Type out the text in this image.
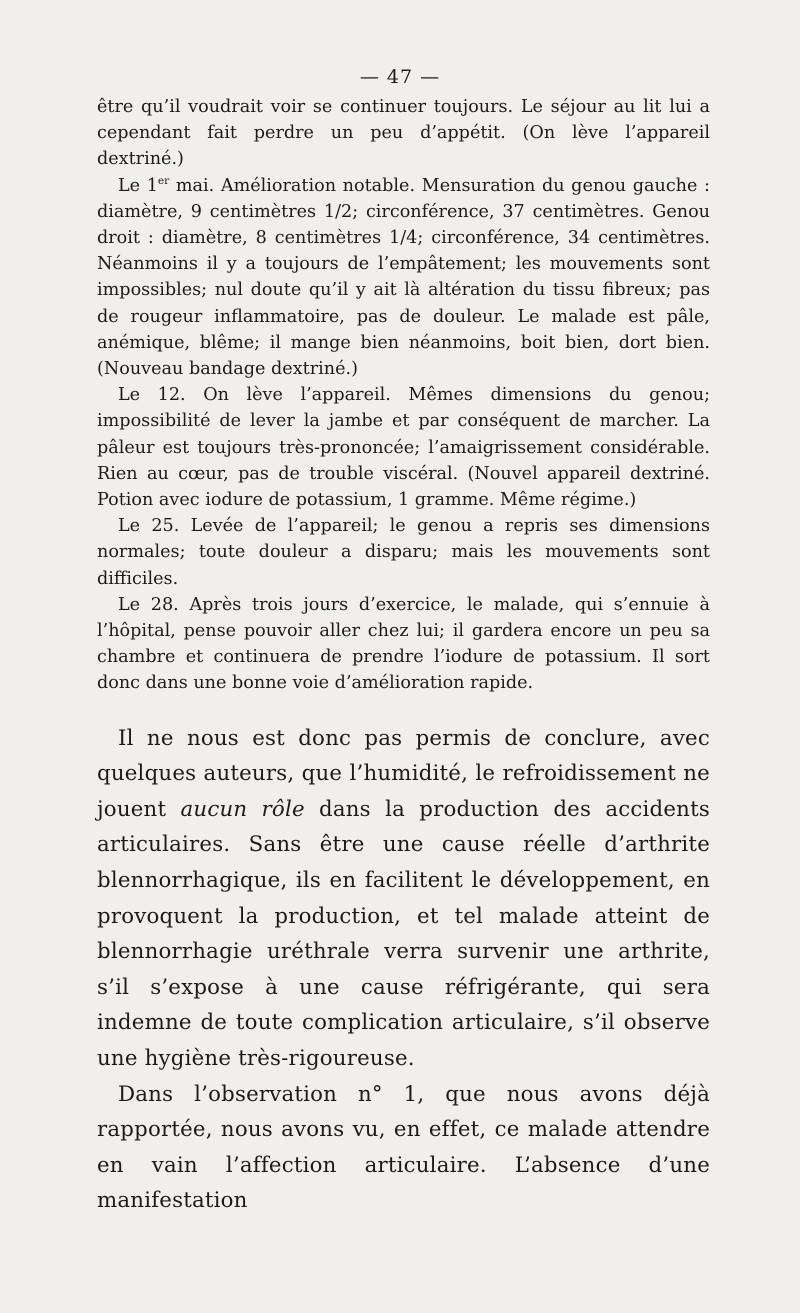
— 47 —

être qu’il voudrait voir se continuer toujours. Le séjour au lit lui a cependant fait perdre un peu d’appétit. (On lève l’appareil dextriné.)

Le 1er mai. Amélioration notable. Mensuration du genou gauche : diamètre, 9 centimètres 1/2; circonférence, 37 centimètres. Genou droit : diamètre, 8 centimètres 1/4; circonférence, 34 centimètres. Néanmoins il y a toujours de l’empâtement; les mouvements sont impossibles; nul doute qu’il y ait là altération du tissu fibreux; pas de rougeur inflammatoire, pas de douleur. Le malade est pâle, anémique, blême; il mange bien néanmoins, boit bien, dort bien. (Nouveau bandage dextriné.)

Le 12. On lève l’appareil. Mêmes dimensions du genou; impossibilité de lever la jambe et par conséquent de marcher. La pâleur est toujours très-prononcée; l’amaigrissement considérable. Rien au cœur, pas de trouble viscéral. (Nouvel appareil dextriné. Potion avec iodure de potassium, 1 gramme. Même régime.)

Le 25. Levée de l’appareil; le genou a repris ses dimensions normales; toute douleur a disparu; mais les mouvements sont difficiles.

Le 28. Après trois jours d’exercice, le malade, qui s’ennuie à l’hôpital, pense pouvoir aller chez lui; il gardera encore un peu sa chambre et continuera de prendre l’iodure de potassium. Il sort donc dans une bonne voie d’amélioration rapide.

Il ne nous est donc pas permis de conclure, avec quelques auteurs, que l’humidité, le refroidissement ne jouent aucun rôle dans la production des accidents articulaires. Sans être une cause réelle d’arthrite blennorrhagique, ils en facilitent le développement, en provoquent la production, et tel malade atteint de blennorrhagie uréthrale verra survenir une arthrite, s’il s’expose à une cause réfrigérante, qui sera indemne de toute complication articulaire, s’il observe une hygiène très-rigoureuse.

Dans l’observation n° 1, que nous avons déjà rapportée, nous avons vu, en effet, ce malade attendre en vain l’affection articulaire. L’absence d’une manifestation
